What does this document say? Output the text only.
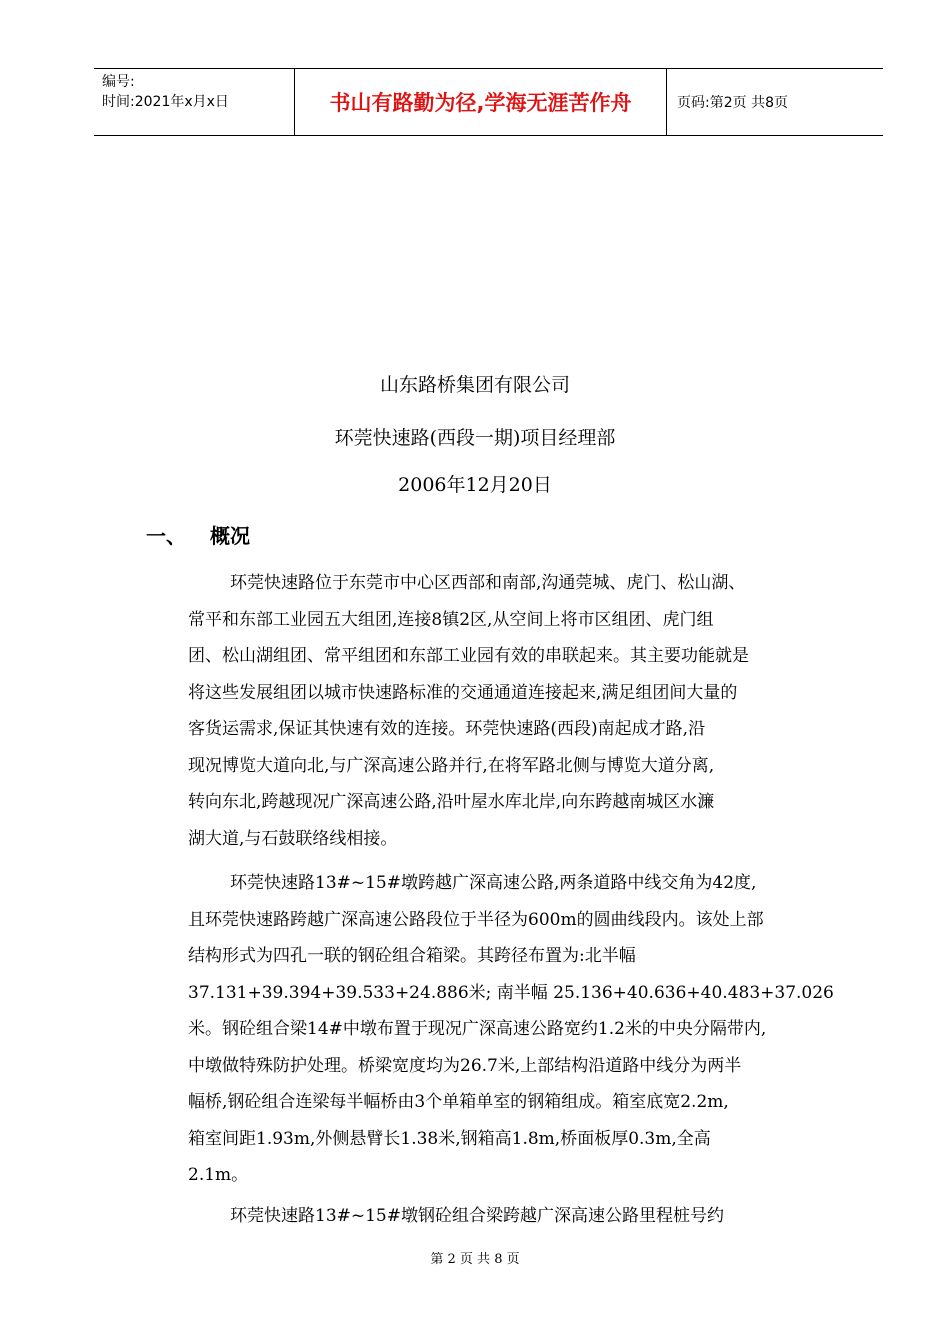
编号:
时间:2021年x月x日	书山有路勤为径,学海无涯苦作舟	页码:第2页 共8页
山东路桥集团有限公司
环莞快速路(西段一期)项目经理部
2006年12月20日
一、 概况
环莞快速路位于东莞市中心区西部和南部,沟通莞城、虎门、松山湖、
常平和东部工业园五大组团,连接8镇2区,从空间上将市区组团、虎门组
团、松山湖组团、常平组团和东部工业园有效的串联起来。其主要功能就是
将这些发展组团以城市快速路标准的交通通道连接起来,满足组团间大量的
客货运需求,保证其快速有效的连接。环莞快速路(西段)南起成才路,沿
现况博览大道向北,与广深高速公路并行,在将军路北侧与博览大道分离,
转向东北,跨越现况广深高速公路,沿叶屋水库北岸,向东跨越南城区水濂
湖大道,与石鼓联络线相接。
环莞快速路13#~15#墩跨越广深高速公路,两条道路中线交角为42度,
且环莞快速路跨越广深高速公路段位于半径为600m的圆曲线段内。该处上部
结构形式为四孔一联的钢砼组合箱梁。其跨径布置为:北半幅
37.131+39.394+39.533+24.886米; 南半幅 25.136+40.636+40.483+37.026
米。钢砼组合梁14#中墩布置于现况广深高速公路宽约1.2米的中央分隔带内,
中墩做特殊防护处理。桥梁宽度均为26.7米,上部结构沿道路中线分为两半
幅桥,钢砼组合连梁每半幅桥由3个单箱单室的钢箱组成。箱室底宽2.2m,
箱室间距1.93m,外侧悬臂长1.38米,钢箱高1.8m,桥面板厚0.3m,全高
2.1m。
环莞快速路13#~15#墩钢砼组合梁跨越广深高速公路里程桩号约
第 2 页 共 8 页
